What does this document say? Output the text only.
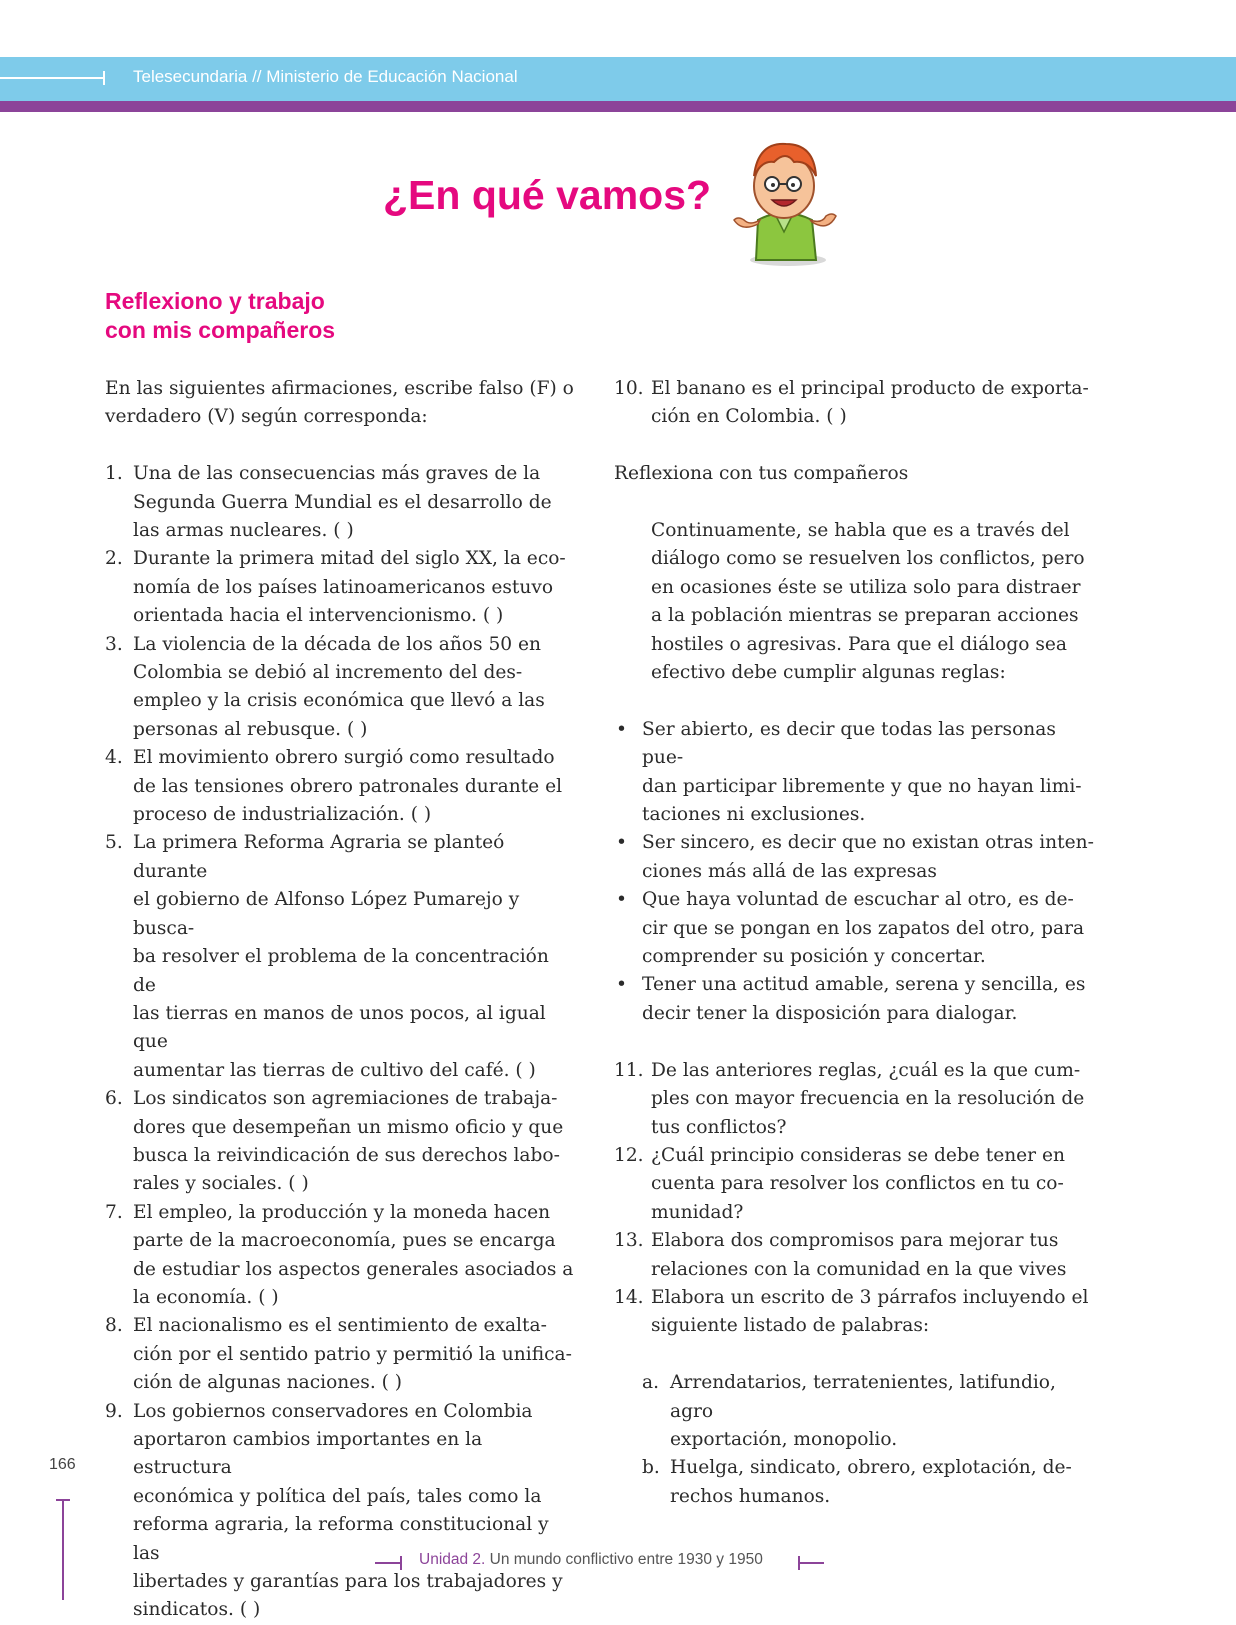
Telesecundaria // Ministerio de Educación Nacional
¿En qué vamos?
Reflexiono y trabajo
con mis compañeros

En las siguientes afirmaciones, escribe falso (F) o

verdadero (V) según corresponda:

1. Una de las consecuencias más graves de la

Segunda Guerra Mundial es el desarrollo de

las armas nucleares. ( )

2. Durante la primera mitad del siglo XX, la eco-

nomía de los países latinoamericanos estuvo

orientada hacia el intervencionismo. ( )

3. La violencia de la década de los años 50 en

Colombia se debió al incremento del des-

empleo y la crisis económica que llevó a las

personas al rebusque. ( )

4. El movimiento obrero surgió como resultado

de las tensiones obrero patronales durante el

proceso de industrialización. ( )

5. La primera Reforma Agraria se planteó durante

el gobierno de Alfonso López Pumarejo y busca-

ba resolver el problema de la concentración de

las tierras en manos de unos pocos, al igual que

aumentar las tierras de cultivo del café. ( )

6. Los sindicatos son agremiaciones de trabaja-

dores que desempeñan un mismo oficio y que

busca la reivindicación de sus derechos labo-

rales y sociales. ( )

7. El empleo, la producción y la moneda hacen

parte de la macroeconomía, pues se encarga

de estudiar los aspectos generales asociados a

la economía. ( )

8. El nacionalismo es el sentimiento de exalta-

ción por el sentido patrio y permitió la unifica-

ción de algunas naciones. ( )

9. Los gobiernos conservadores en Colombia

aportaron cambios importantes en la estructura

económica y política del país, tales como la

reforma agraria, la reforma constitucional y las

libertades y garantías para los trabajadores y

sindicatos. ( )

10. El banano es el principal producto de exporta-

ción en Colombia. ( )

Reflexiona con tus compañeros

Continuamente, se habla que es a través del

diálogo como se resuelven los conflictos, pero

en ocasiones éste se utiliza solo para distraer

a la población mientras se preparan acciones

hostiles o agresivas. Para que el diálogo sea

efectivo debe cumplir algunas reglas:

• Ser abierto, es decir que todas las personas pue-

dan participar libremente y que no hayan limi-

taciones ni exclusiones.

• Ser sincero, es decir que no existan otras inten-

ciones más allá de las expresas

• Que haya voluntad de escuchar al otro, es de-

cir que se pongan en los zapatos del otro, para

comprender su posición y concertar.

• Tener una actitud amable, serena y sencilla, es

decir tener la disposición para dialogar.

11. De las anteriores reglas, ¿cuál es la que cum-

ples con mayor frecuencia en la resolución de

tus conflictos?

12. ¿Cuál principio consideras se debe tener en

cuenta para resolver los conflictos en tu co-

munidad?

13. Elabora dos compromisos para mejorar tus

relaciones con la comunidad en la que vives

14. Elabora un escrito de 3 párrafos incluyendo el

siguiente listado de palabras:

a. Arrendatarios, terratenientes, latifundio, agro

exportación, monopolio.

b. Huelga, sindicato, obrero, explotación, de-

rechos humanos.

166
Unidad 2. Un mundo conflictivo entre 1930 y 1950
